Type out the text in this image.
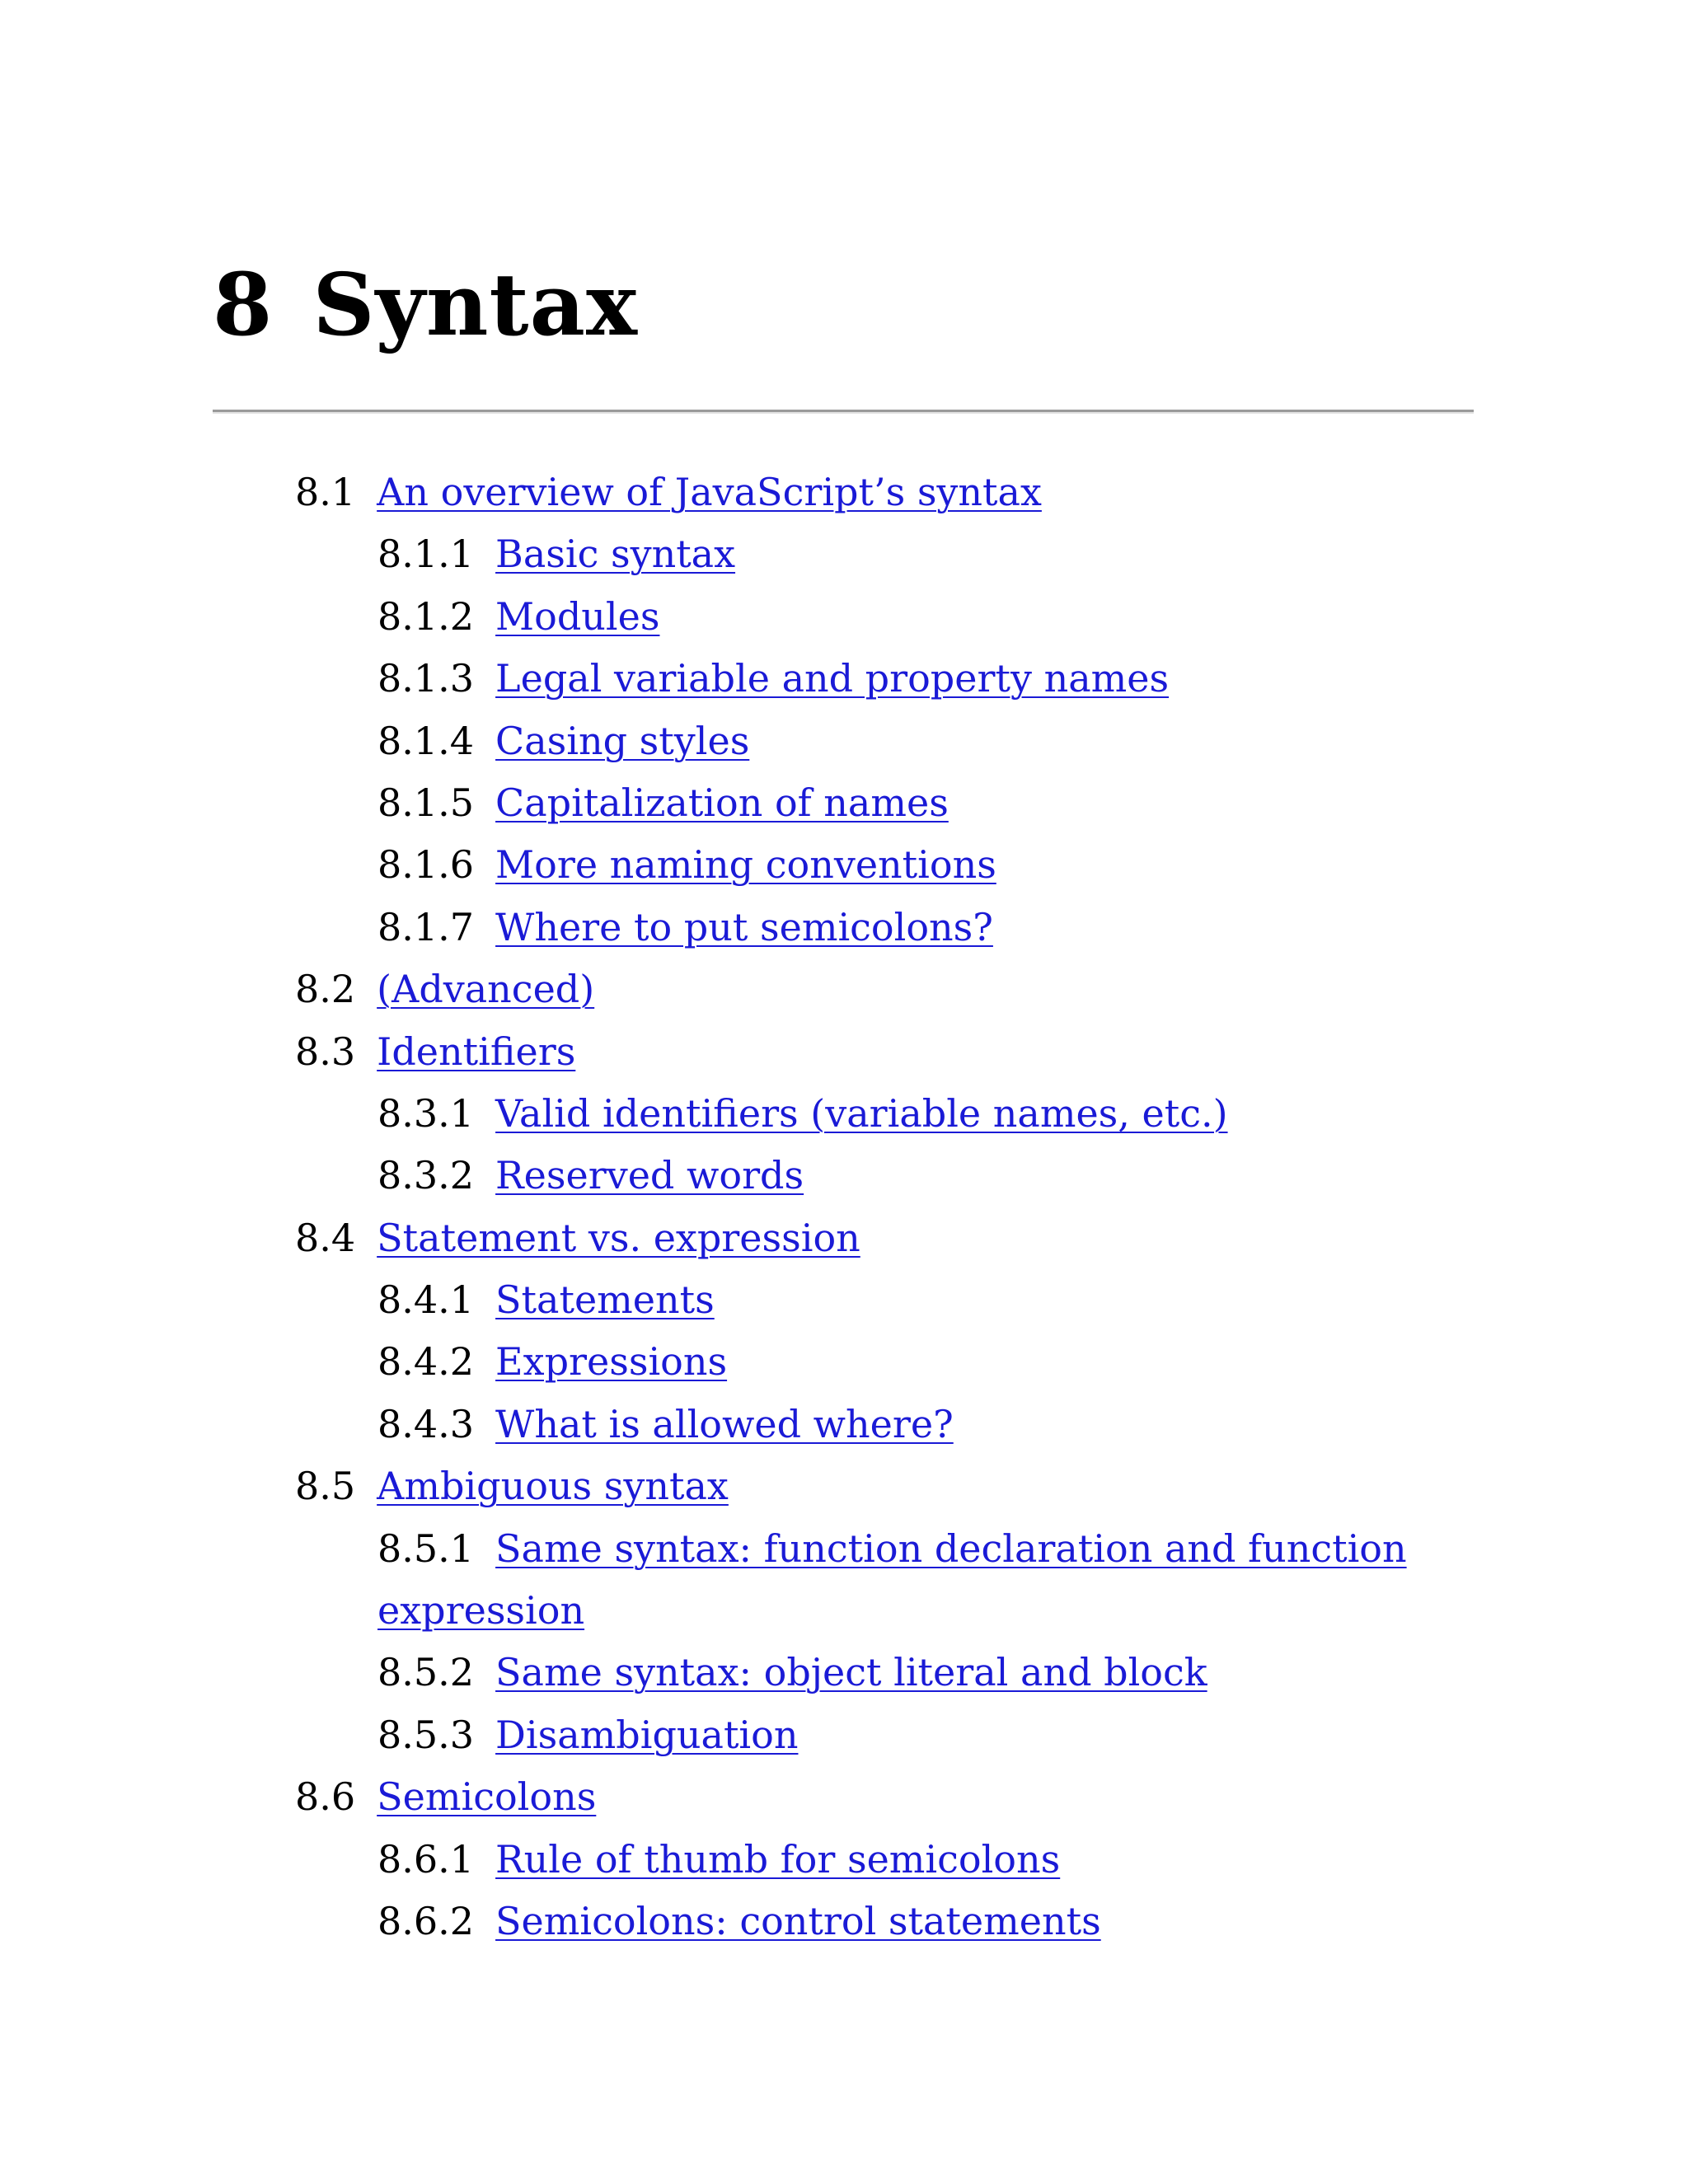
8 Syntax
8.1 An overview of JavaScript’s syntax
8.1.1 Basic syntax
8.1.2 Modules
8.1.3 Legal variable and property names
8.1.4 Casing styles
8.1.5 Capitalization of names
8.1.6 More naming conventions
8.1.7 Where to put semicolons?
8.2 (Advanced)
8.3 Identifiers
8.3.1 Valid identifiers (variable names, etc.)
8.3.2 Reserved words
8.4 Statement vs. expression
8.4.1 Statements
8.4.2 Expressions
8.4.3 What is allowed where?
8.5 Ambiguous syntax
8.5.1 Same syntax: function declaration and function expression
8.5.2 Same syntax: object literal and block
8.5.3 Disambiguation
8.6 Semicolons
8.6.1 Rule of thumb for semicolons
8.6.2 Semicolons: control statements
